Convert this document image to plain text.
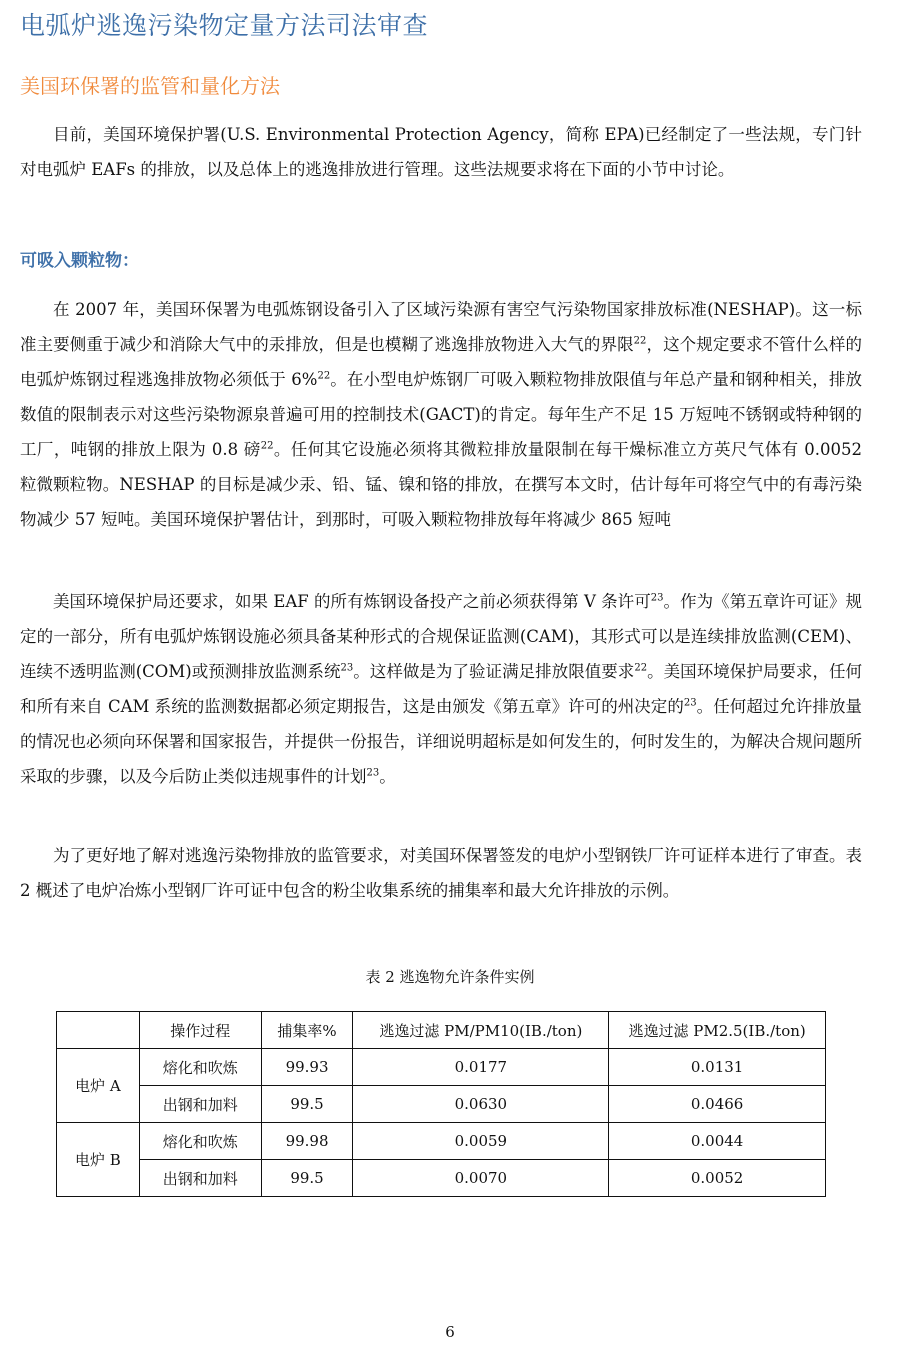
电弧炉逃逸污染物定量方法司法审查
美国环保署的监管和量化方法

目前，美国环境保护署(U.S. Environmental Protection Agency，简称 EPA)已经制定了一些法规，专门针对电弧炉 EAFs 的排放，以及总体上的逃逸排放进行管理。这些法规要求将在下面的小节中讨论。

可吸入颗粒物：

在 2007 年，美国环保署为电弧炼钢设备引入了区域污染源有害空气污染物国家排放标准(NESHAP)。这一标准主要侧重于减少和消除大气中的汞排放，但是也模糊了逃逸排放物进入大气的界限$^{22}$，这个规定要求不管什么样的电弧炉炼钢过程逃逸排放物必须低于 6%$^{22}$。在小型电炉炼钢厂可吸入颗粒物排放限值与年总产量和钢种相关，排放数值的限制表示对这些污染物源泉普遍可用的控制技术(GACT)的肯定。每年生产不足 15 万短吨不锈钢或特种钢的工厂，吨钢的排放上限为 0.8 磅$^{22}$。任何其它设施必须将其微粒排放量限制在每干燥标准立方英尺气体有 0.0052 粒微颗粒物。NESHAP 的目标是减少汞、铅、锰、镍和铬的排放，在撰写本文时，估计每年可将空气中的有毒污染物减少 57 短吨。美国环境保护署估计，到那时，可吸入颗粒物排放每年将减少 865 短吨

美国环境保护局还要求，如果 EAF 的所有炼钢设备投产之前必须获得第 V 条许可$^{23}$。作为《第五章许可证》规定的一部分，所有电弧炉炼钢设施必须具备某种形式的合规保证监测(CAM)，其形式可以是连续排放监测(CEM)、连续不透明监测(COM)或预测排放监测系统$^{23}$。这样做是为了验证满足排放限值要求$^{22}$。美国环境保护局要求，任何和所有来自 CAM 系统的监测数据都必须定期报告，这是由颁发《第五章》许可的州决定的$^{23}$。任何超过允许排放量的情况也必须向环保署和国家报告，并提供一份报告，详细说明超标是如何发生的，何时发生的，为解决合规问题所采取的步骤，以及今后防止类似违规事件的计划$^{23}$。

为了更好地了解对逃逸污染物排放的监管要求，对美国环保署签发的电炉小型钢铁厂许可证样本进行了审查。表 2 概述了电炉冶炼小型钢厂许可证中包含的粉尘收集系统的捕集率和最大允许排放的示例。

表 2 逃逸物允许条件实例
	操作过程	捕集率%	逃逸过滤 PM/PM10(IB./ton)	逃逸过滤 PM2.5(IB./ton)
电炉 A	熔化和吹炼	99.93	0.0177	0.0131
	出钢和加料	99.5	0.0630	0.0466
电炉 B	熔化和吹炼	99.98	0.0059	0.0044
	出钢和加料	99.5	0.0070	0.0052
6
